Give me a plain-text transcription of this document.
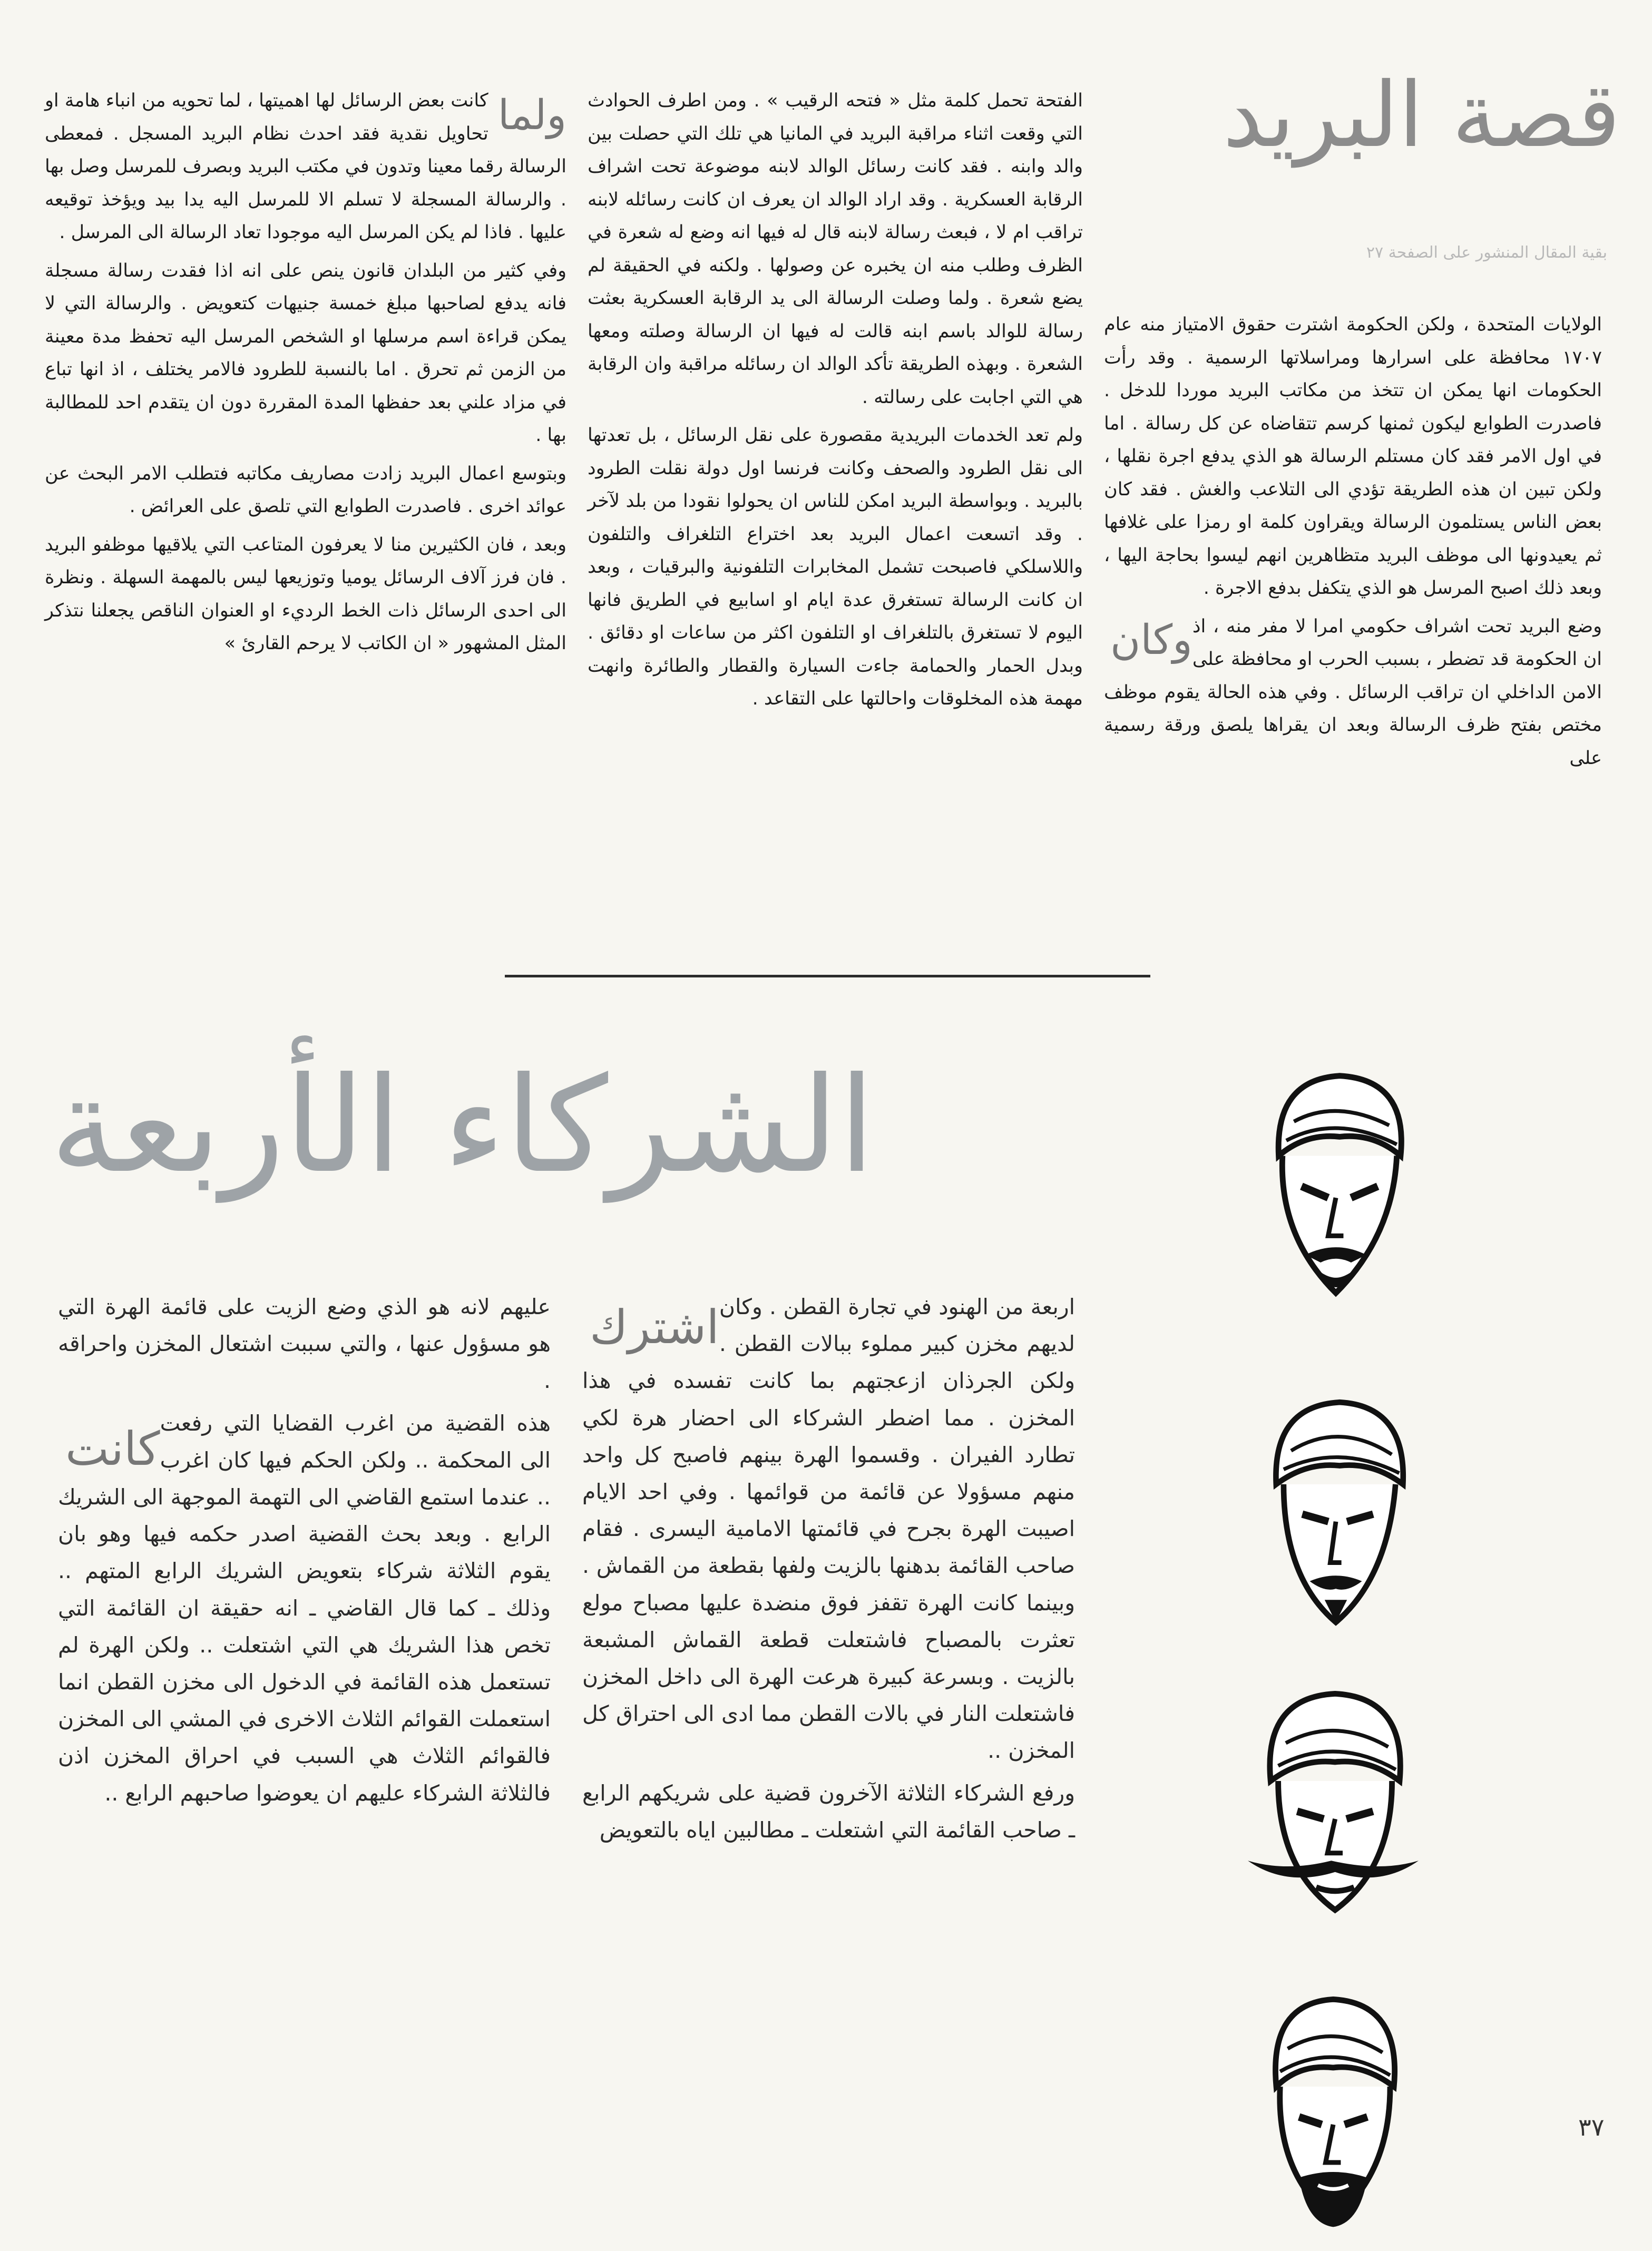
قصة البريد
بقية المقال المنشور على الصفحة ٢٧

الولايات المتحدة ، ولكن الحكومة اشترت حقوق الامتياز منه عام ١٧٠٧ محافظة على اسرارها ومراسلاتها الرسمية . وقد رأت الحكومات انها يمكن ان تتخذ من مكاتب البريد موردا للدخل . فاصدرت الطوابع ليكون ثمنها كرسم تتقاضاه عن كل رسالة . اما في اول الامر فقد كان مستلم الرسالة هو الذي يدفع اجرة نقلها ، ولكن تبين ان هذه الطريقة تؤدي الى التلاعب والغش . فقد كان بعض الناس يستلمون الرسالة ويقراون كلمة او رمزا على غلافها ثم يعيدونها الى موظف البريد متظاهرين انهم ليسوا بحاجة اليها ، وبعد ذلك اصبح المرسل هو الذي يتكفل بدفع الاجرة .

وكان وضع البريد تحت اشراف حكومي امرا لا مفر منه ، اذ ان الحكومة قد تضطر ، بسبب الحرب او محافظة على الامن الداخلي ان تراقب الرسائل . وفي هذه الحالة يقوم موظف مختص بفتح ظرف الرسالة وبعد ان يقراها يلصق ورقة رسمية على

الفتحة تحمل كلمة مثل « فتحه الرقيب » . ومن اطرف الحوادث التي وقعت اثناء مراقبة البريد في المانيا هي تلك التي حصلت بين والد وابنه . فقد كانت رسائل الوالد لابنه موضوعة تحت اشراف الرقابة العسكرية . وقد اراد الوالد ان يعرف ان كانت رسائله لابنه تراقب ام لا ، فبعث رسالة لابنه قال له فيها انه وضع له شعرة في الظرف وطلب منه ان يخبره عن وصولها . ولكنه في الحقيقة لم يضع شعرة . ولما وصلت الرسالة الى يد الرقابة العسكرية بعثت رسالة للوالد باسم ابنه قالت له فيها ان الرسالة وصلته ومعها الشعرة . وبهذه الطريقة تأكد الوالد ان رسائله مراقبة وان الرقابة هي التي اجابت على رسالته .

ولم تعد الخدمات البريدية مقصورة على نقل الرسائل ، بل تعدتها الى نقل الطرود والصحف وكانت فرنسا اول دولة نقلت الطرود بالبريد . وبواسطة البريد امكن للناس ان يحولوا نقودا من بلد لآخر . وقد اتسعت اعمال البريد بعد اختراع التلغراف والتلفون واللاسلكي فاصبحت تشمل المخابرات التلفونية والبرقيات ، وبعد ان كانت الرسالة تستغرق عدة ايام او اسابيع في الطريق فانها اليوم لا تستغرق بالتلغراف او التلفون اكثر من ساعات او دقائق . وبدل الحمار والحمامة جاءت السيارة والقطار والطائرة وانهت مهمة هذه المخلوقات واحالتها على التقاعد .

ولما

كانت بعض الرسائل لها اهميتها ، لما تحويه من انباء هامة او تحاويل نقدية فقد احدث نظام البريد المسجل . فمعطى الرسالة رقما معينا وتدون في مكتب البريد وبصرف للمرسل وصل بها . والرسالة المسجلة لا تسلم الا للمرسل اليه يدا بيد ويؤخذ توقيعه عليها . فاذا لم يكن المرسل اليه موجودا تعاد الرسالة الى المرسل .

وفي كثير من البلدان قانون ينص على انه اذا فقدت رسالة مسجلة فانه يدفع لصاحبها مبلغ خمسة جنيهات كتعويض . والرسالة التي لا يمكن قراءة اسم مرسلها او الشخص المرسل اليه تحفظ مدة معينة من الزمن ثم تحرق . اما بالنسبة للطرود فالامر يختلف ، اذ انها تباع في مزاد علني بعد حفظها المدة المقررة دون ان يتقدم احد للمطالبة بها .

وبتوسع اعمال البريد زادت مصاريف مكاتبه فتطلب الامر البحث عن عوائد اخرى . فاصدرت الطوابع التي تلصق على العرائض .

وبعد ، فان الكثيرين منا لا يعرفون المتاعب التي يلاقيها موظفو البريد . فان فرز آلاف الرسائل يوميا وتوزيعها ليس بالمهمة السهلة . ونظرة الى احدى الرسائل ذات الخط الرديء او العنوان الناقص يجعلنا نتذكر المثل المشهور « ان الكاتب لا يرحم القارئ »

الشركاء الأربعة
اشترك اربعة من الهنود في تجارة القطن . وكان لديهم مخزن كبير مملوء ببالات القطن . ولكن الجرذان ازعجتهم بما كانت تفسده في هذا المخزن . مما اضطر الشركاء الى احضار هرة لكي تطارد الفيران . وقسموا الهرة بينهم فاصبح كل واحد منهم مسؤولا عن قائمة من قوائمها . وفي احد الايام اصيبت الهرة بجرح في قائمتها الامامية اليسرى . فقام صاحب القائمة بدهنها بالزيت ولفها بقطعة من القماش . وبينما كانت الهرة تقفز فوق منضدة عليها مصباح مولع تعثرت بالمصباح فاشتعلت قطعة القماش المشبعة بالزيت . وبسرعة كبيرة هرعت الهرة الى داخل المخزن فاشتعلت النار في بالات القطن مما ادى الى احتراق كل المخزن ..

ورفع الشركاء الثلاثة الآخرون قضية على شريكهم الرابع ـ صاحب القائمة التي اشتعلت ـ مطالبين اياه بالتعويض

عليهم لانه هو الذي وضع الزيت على قائمة الهرة التي هو مسؤول عنها ، والتي سببت اشتعال المخزن واحراقه .

كانت هذه القضية من اغرب القضايا التي رفعت الى المحكمة .. ولكن الحكم فيها كان اغرب .. عندما استمع القاضي الى التهمة الموجهة الى الشريك الرابع . وبعد بحث القضية اصدر حكمه فيها وهو بان يقوم الثلاثة شركاء بتعويض الشريك الرابع المتهم .. وذلك ـ كما قال القاضي ـ انه حقيقة ان القائمة التي تخص هذا الشريك هي التي اشتعلت .. ولكن الهرة لم تستعمل هذه القائمة في الدخول الى مخزن القطن انما استعملت القوائم الثلاث الاخرى في المشي الى المخزن فالقوائم الثلاث هي السبب في احراق المخزن اذن فالثلاثة الشركاء عليهم ان يعوضوا صاحبهم الرابع ..

٣٧
